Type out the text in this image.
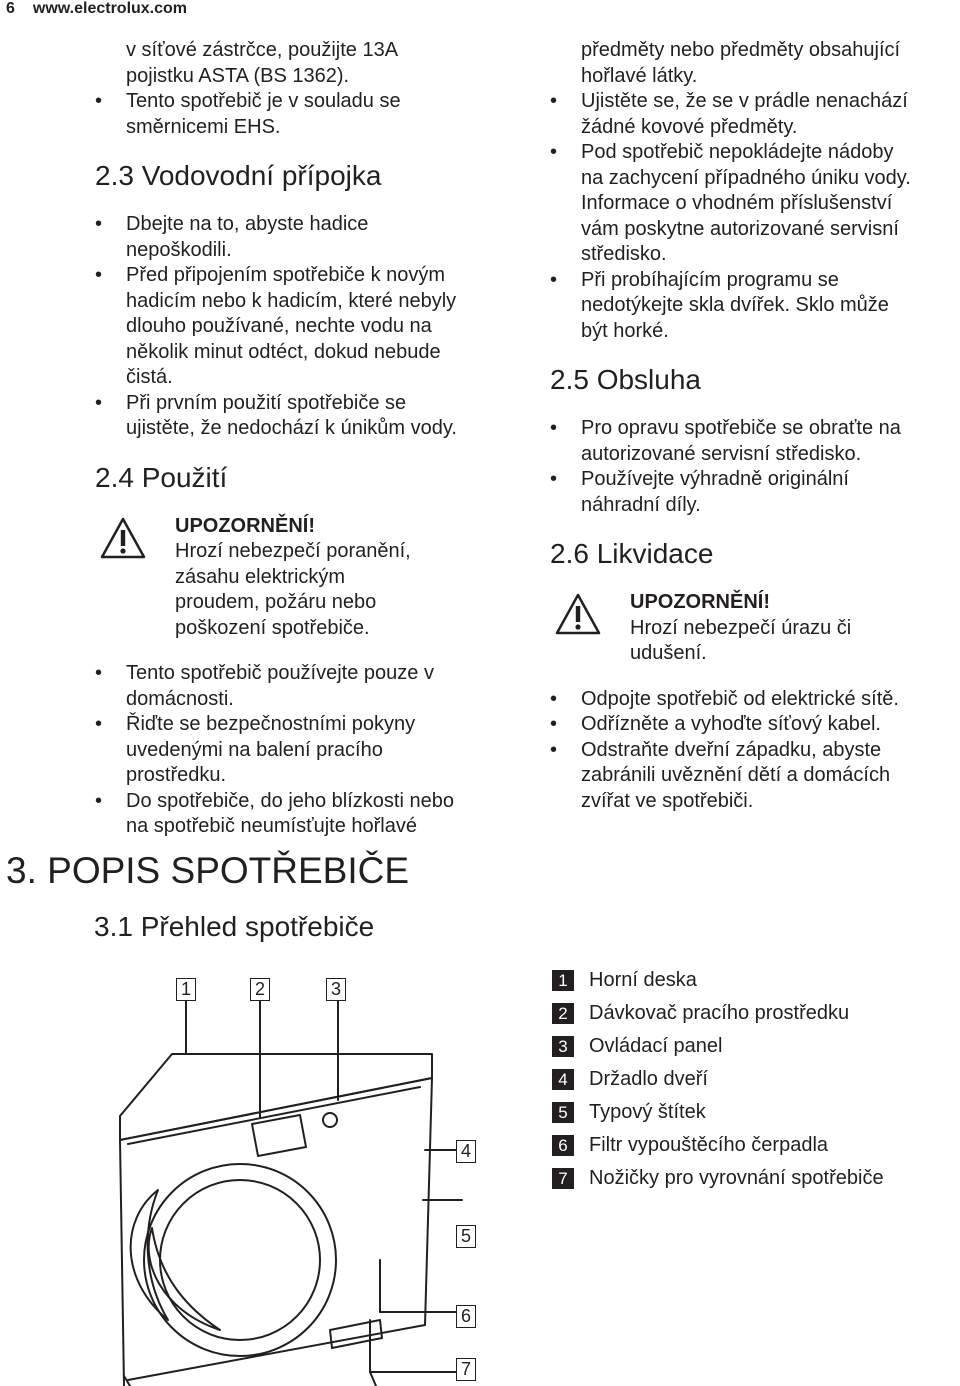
6 www.electrolux.com
v síťové zástrčce, použijte 13A
pojistku ASTA (BS 1362).
• Tento spotřebič je v souladu se
směrnicemi EHS.
2.3 Vodovodní přípojka
• Dbejte na to, abyste hadice
nepoškodili.
• Před připojením spotřebiče k novým
hadicím nebo k hadicím, které nebyly
dlouho používané, nechte vodu na
několik minut odtéct, dokud nebude
čistá.
• Při prvním použití spotřebiče se
ujistěte, že nedochází k únikům vody.
2.4 Použití
UPOZORNĚNÍ!
Hrozí nebezpečí poranění,
zásahu elektrickým
proudem, požáru nebo
poškození spotřebiče.
• Tento spotřebič používejte pouze v
domácnosti.
• Řiďte se bezpečnostními pokyny
uvedenými na balení pracího
prostředku.
• Do spotřebiče, do jeho blízkosti nebo
na spotřebič neumísťujte hořlavé
předměty nebo předměty obsahující
hořlavé látky.
• Ujistěte se, že se v prádle nenachází
žádné kovové předměty.
• Pod spotřebič nepokládejte nádoby
na zachycení případného úniku vody.
Informace o vhodném příslušenství
vám poskytne autorizované servisní
středisko.
• Při probíhajícím programu se
nedotýkejte skla dvířek. Sklo může
být horké.
2.5 Obsluha
• Pro opravu spotřebiče se obraťte na
autorizované servisní středisko.
• Používejte výhradně originální
náhradní díly.
2.6 Likvidace
UPOZORNĚNÍ!
Hrozí nebezpečí úrazu či
udušení.
• Odpojte spotřebič od elektrické sítě.
• Odřízněte a vyhoďte síťový kabel.
• Odstraňte dveřní západku, abyste
zabránili uvěznění dětí a domácích
zvířat ve spotřebiči.
3. POPIS SPOTŘEBIČE
3.1 Přehled spotřebiče
1	2	3
4
5
6
7
1	Horní deska
2	Dávkovač pracího prostředku
3	Ovládací panel
4	Držadlo dveří
5	Typový štítek
6	Filtr vypouštěcího čerpadla
7	Nožičky pro vyrovnání spotřebiče
